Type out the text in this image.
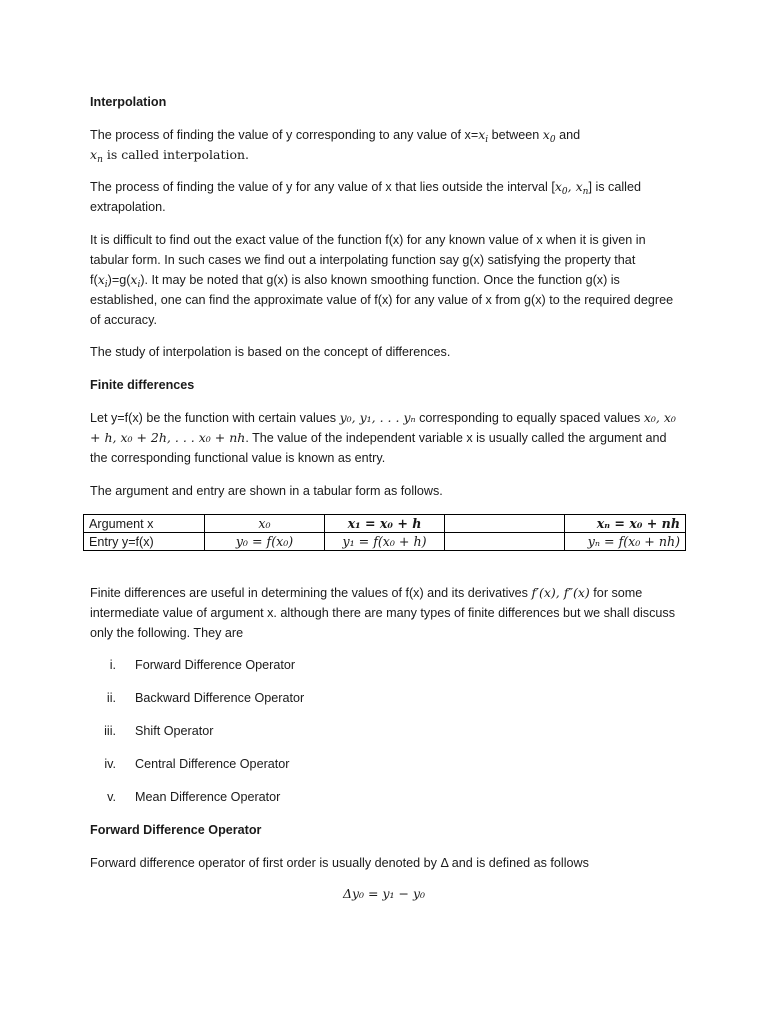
Interpolation

The process of finding the value of y corresponding to any value of $x=x_i$ between $x_0$ and
$x_n$ is called interpolation.

The process of finding the value of y for any value of x that lies outside the interval [$x_0$, $x_n$] is called extrapolation.

It is difficult to find out the exact value of the function f(x) for any known value of x when it is given in tabular form. In such cases we find out a interpolating function say g(x) satisfying the property that $f(x_i)=g(x_i)$. It may be noted that g(x) is also known smoothing function. Once the function g(x) is established, one can find the approximate value of f(x) for any value of x from g(x) to the required degree of accuracy.

The study of interpolation is based on the concept of differences.

Finite differences

Let y=f(x) be the function with certain values y₀, y₁, . . . yₙ corresponding to equally spaced values x₀, x₀ + h, x₀ + 2h, . . . x₀ + nh. The value of the independent variable x is usually called the argument and the corresponding functional value is known as entry.

The argument and entry are shown in a tabular form as follows.

Argument x	x₀	x₁ = x₀ + h		xₙ = x₀ + nh
Entry y=f(x)	y₀ = f(x₀)	y₁ = f(x₀ + h)		yₙ = f(x₀ + nh)

Finite differences are useful in determining the values of f(x) and its derivatives f′(x), f″(x) for some intermediate value of argument x. although there are many types of finite differences but we shall discuss only the following. They are

i. Forward Difference Operator
ii. Backward Difference Operator
iii. Shift Operator
iv. Central Difference Operator
v. Mean Difference Operator

Forward Difference Operator

Forward difference operator of first order is usually denoted by Δ and is defined as follows

Δy₀ = y₁ − y₀
